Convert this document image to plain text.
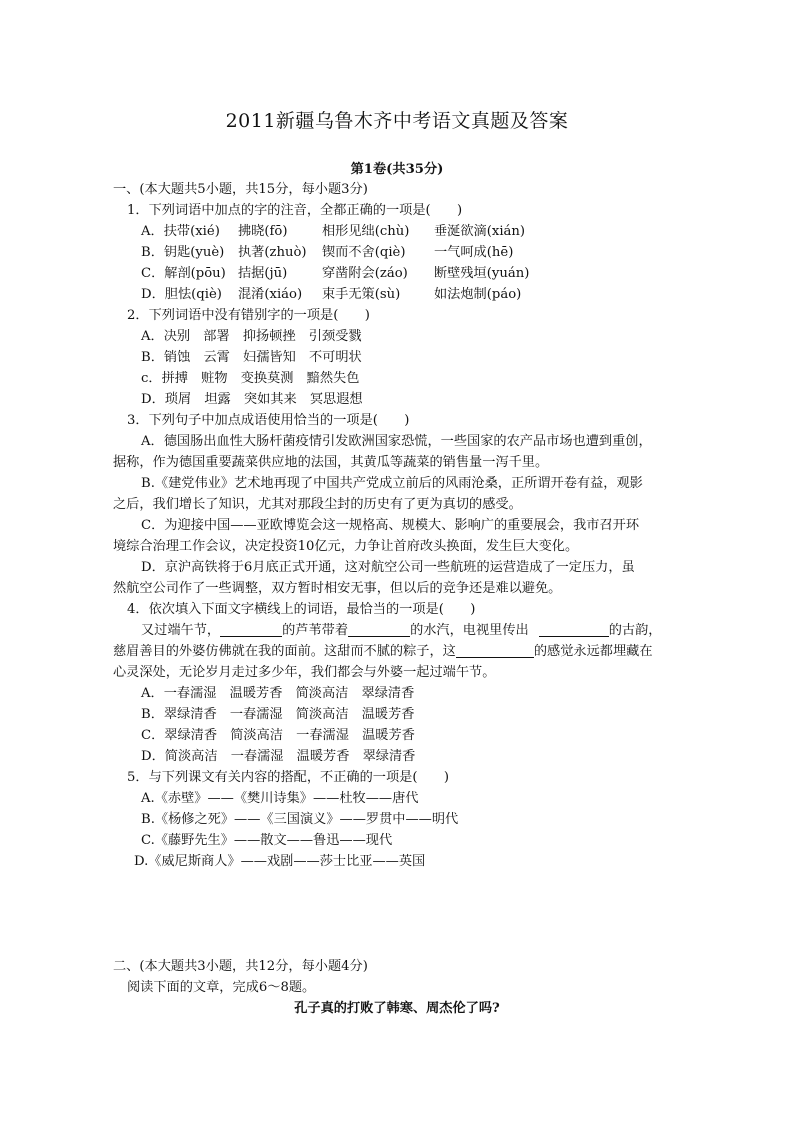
2011新疆乌鲁木齐中考语文真题及答案
第1卷(共35分)
一、(本大题共5小题，共15分，每小题3分)
1．下列词语中加点的字的注音，全都正确的一项是(　　)
A．扶带(xié) 拂晓(fō)	相形见绌(chù) 垂涎欲滴(xián)
B．钥匙(yuè) 执著(zhuò) 锲而不舍(qiè) 一气呵成(hē)
C．解剖(pōu) 拮据(jū)	穿凿附会(záo) 断壁残垣(yuán)
D．胆怯(qiè) 混淆(xiáo) 束手无策(sù)	如法炮制(páo)
2．下列词语中没有错别字的一项是(　　)
A．决别　部署　抑扬顿挫　引颈受戮
B．销蚀　云霄　妇孺皆知　不可明状
c．拼搏　赃物　变换莫测　黯然失色
D．琐屑　坦露　突如其来　冥思遐想
3．下列句子中加点成语使用恰当的一项是(　　)
A．德国肠出血性大肠杆菌疫情引发欧洲国家恐慌，一些国家的农产品市场也遭到重创，
据称，作为德国重要蔬菜供应地的法国，其黄瓜等蔬菜的销售量一泻千里。
B.《建党伟业》艺术地再现了中国共产党成立前后的风雨沧桑，正所谓开卷有益，观影
之后，我们增长了知识，尤其对那段尘封的历史有了更为真切的感受。
C．为迎接中国——亚欧博览会这一规格高、规模大、影响广的重要展会，我市召开环
境综合治理工作会议，决定投资10亿元，力争让首府改头换面，发生巨大变化。
D．京沪高铁将于6月底正式开通，这对航空公司一些航班的运营造成了一定压力，虽
然航空公司作了一些调整，双方暂时相安无事，但以后的竞争还是难以避免。
4．依次填入下面文字横线上的词语，最恰当的一项是(　　)
又过端午节，	的芦苇带着	的水汽，电视里传出	的古韵，
慈眉善目的外婆仿佛就在我的面前。这甜而不腻的粽子，这	的感觉永远都埋藏在
心灵深处，无论岁月走过多少年，我们都会与外婆一起过端午节。
A．一春濡湿　温暖芳香　简淡高洁　翠绿清香
B．翠绿清香　一春濡湿　简淡高洁　温暖芳香
C．翠绿清香　简淡高洁　一春濡湿　温暖芳香
D．简淡高洁　一春濡湿　温暖芳香　翠绿清香
5．与下列课文有关内容的搭配，不正确的一项是(　　)
A.《赤壁》——《樊川诗集》——杜牧——唐代
B.《杨修之死》——《三国演义》——罗贯中——明代
C.《藤野先生》——散文——鲁迅——现代
D.《威尼斯商人》——戏剧——莎士比亚——英国
二、(本大题共3小题，共12分，每小题4分)
阅读下面的文章，完成6～8题。
孔子真的打败了韩寒、周杰伦了吗?
